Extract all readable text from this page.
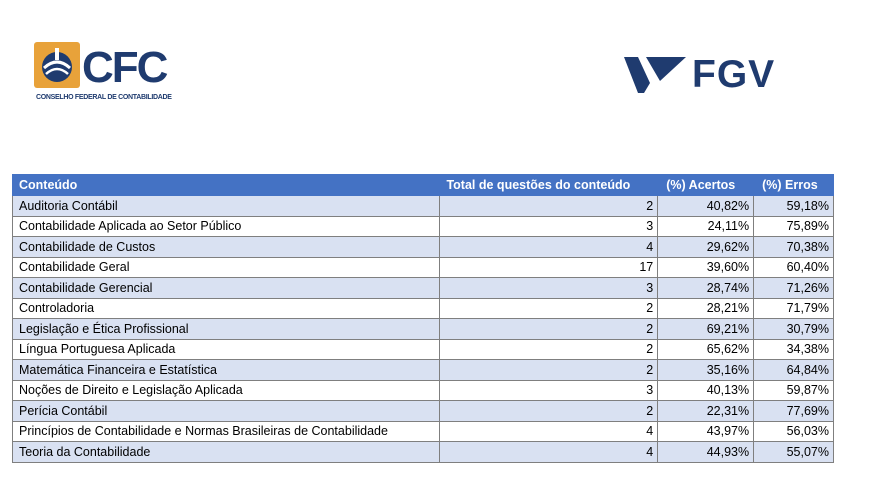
CFC
CONSELHO FEDERAL DE CONTABILIDADE
FGV
Conteúdo	Total de questões do conteúdo	(%) Acertos	(%) Erros
Auditoria Contábil	2	40,82%	59,18%
Contabilidade Aplicada ao Setor Público	3	24,11%	75,89%
Contabilidade de Custos	4	29,62%	70,38%
Contabilidade Geral	17	39,60%	60,40%
Contabilidade Gerencial	3	28,74%	71,26%
Controladoria	2	28,21%	71,79%
Legislação e Ética Profissional	2	69,21%	30,79%
Língua Portuguesa Aplicada	2	65,62%	34,38%
Matemática Financeira e Estatística	2	35,16%	64,84%
Noções de Direito e Legislação Aplicada	3	40,13%	59,87%
Perícia Contábil	2	22,31%	77,69%
Princípios de Contabilidade e Normas Brasileiras de Contabilidade	4	43,97%	56,03%
Teoria da Contabilidade	4	44,93%	55,07%
